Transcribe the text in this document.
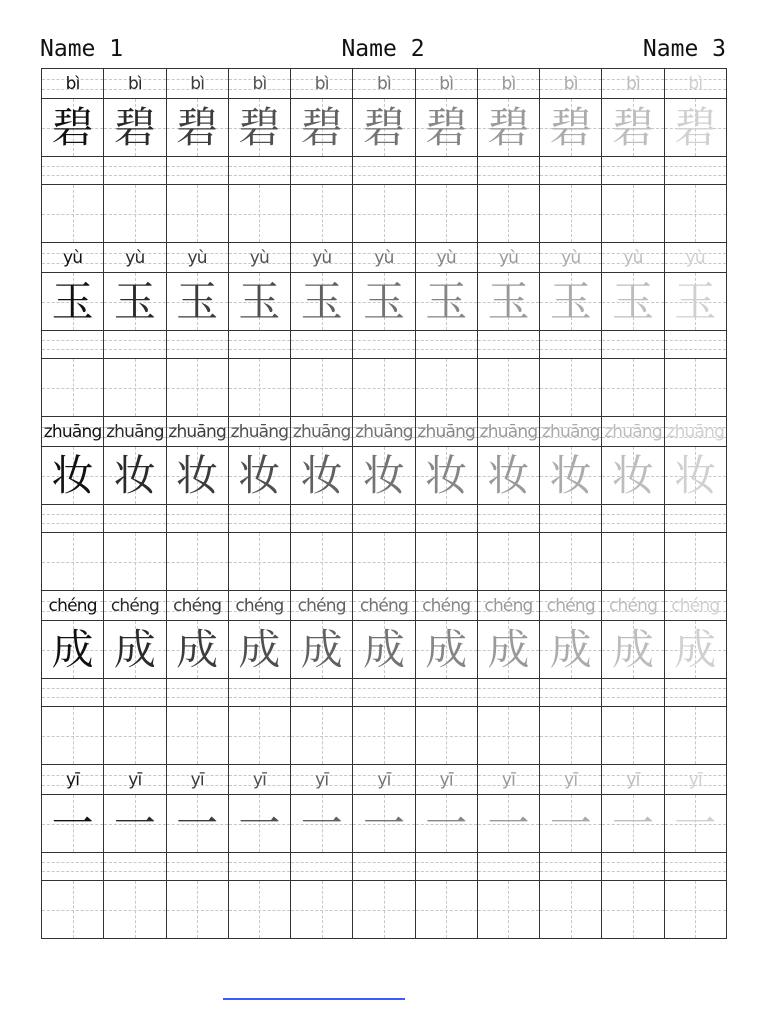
Name 1	Name 2	Name 3
bì	bì	bì	bì	bì	bì	bì	bì	bì	bì	bì
碧 碧 碧 碧 碧 碧 碧 碧 碧 碧 碧
yù	yù	yù	yù	yù	yù	yù	yù	yù	yù	yù
玉 玉 玉 玉 玉 玉 玉 玉 玉 玉 玉
zhuāng zhuāng zhuāng zhuāng zhuāng zhuāng zhuāng zhuāng zhuāng zhuāng zhuāng
妆 妆 妆 妆 妆 妆 妆 妆 妆 妆 妆
chéng chéng chéng chéng chéng chéng chéng chéng chéng chéng chéng
成 成 成 成 成 成 成 成 成 成 成
yī	yī	yī	yī	yī	yī	yī	yī	yī	yī	yī
一 一 一 一 一 一 一 一 一 一 一
